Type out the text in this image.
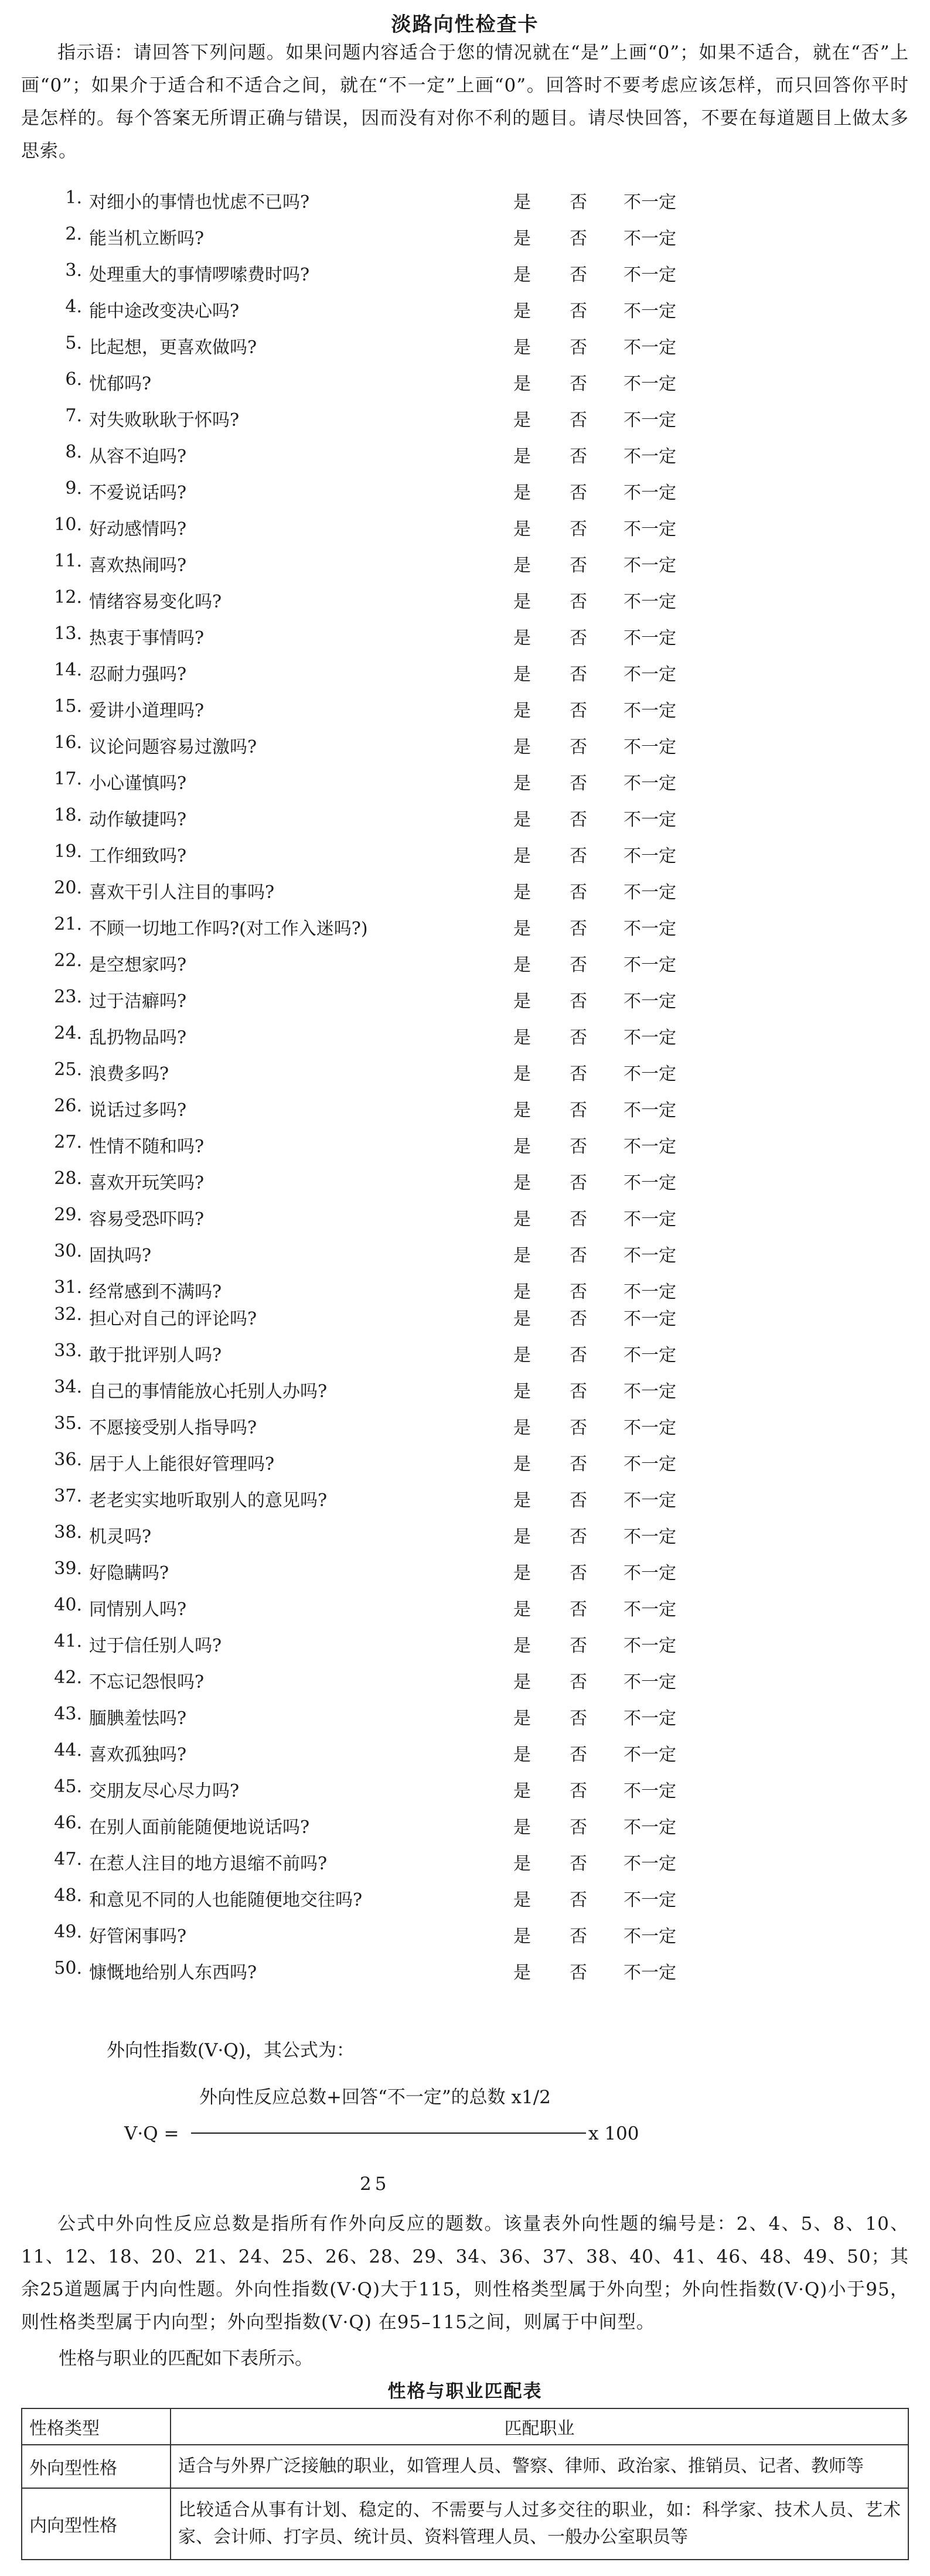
淡路向性检查卡

指示语：请回答下列问题。如果问题内容适合于您的情况就在“是”上画“0”；如果不适合，就在“否”上画“0”；如果介于适合和不适合之间，就在“不一定”上画“0”。回答时不要考虑应该怎样，而只回答你平时是怎样的。每个答案无所谓正确与错误，因而没有对你不利的题目。请尽快回答，不要在每道题目上做太多思索。

1. 对细小的事情也忧虑不已吗?	是 否 不一定
2. 能当机立断吗?	是 否 不一定
3. 处理重大的事情啰嗦费时吗?	是 否 不一定
4. 能中途改变决心吗?	是 否 不一定
5. 比起想，更喜欢做吗?	是 否 不一定
6. 忧郁吗?	是 否 不一定
7. 对失败耿耿于怀吗?	是 否 不一定
8. 从容不迫吗?	是 否 不一定
9. 不爱说话吗?	是 否 不一定
10. 好动感情吗?	是 否 不一定
11. 喜欢热闹吗?	是 否 不一定
12. 情绪容易变化吗?	是 否 不一定
13. 热衷于事情吗?	是 否 不一定
14. 忍耐力强吗?	是 否 不一定
15. 爱讲小道理吗?	是 否 不一定
16. 议论问题容易过激吗?	是 否 不一定
17. 小心谨慎吗?	是 否 不一定
18. 动作敏捷吗?	是 否 不一定
19. 工作细致吗?	是 否 不一定
20. 喜欢干引人注目的事吗?	是 否 不一定
21. 不顾一切地工作吗?(对工作入迷吗?)	是 否 不一定
22. 是空想家吗?	是 否 不一定
23. 过于洁癖吗?	是 否 不一定
24. 乱扔物品吗?	是 否 不一定
25. 浪费多吗?	是 否 不一定
26. 说话过多吗?	是 否 不一定
27. 性情不随和吗?	是 否 不一定
28. 喜欢开玩笑吗?	是 否 不一定
29. 容易受恐吓吗?	是 否 不一定
30. 固执吗?	是 否 不一定
31. 经常感到不满吗?	是 否 不一定
32. 担心对自己的评论吗?	是 否 不一定
33. 敢于批评别人吗?	是 否 不一定
34. 自己的事情能放心托别人办吗?	是 否 不一定
35. 不愿接受别人指导吗?	是 否 不一定
36. 居于人上能很好管理吗?	是 否 不一定
37. 老老实实地听取别人的意见吗?	是 否 不一定
38. 机灵吗?	是 否 不一定
39. 好隐瞒吗?	是 否 不一定
40. 同情别人吗?	是 否 不一定
41. 过于信任别人吗?	是 否 不一定
42. 不忘记怨恨吗?	是 否 不一定
43. 腼腆羞怯吗?	是 否 不一定
44. 喜欢孤独吗?	是 否 不一定
45. 交朋友尽心尽力吗?	是 否 不一定
46. 在别人面前能随便地说话吗?	是 否 不一定
47. 在惹人注目的地方退缩不前吗?	是 否 不一定
48. 和意见不同的人也能随便地交往吗?	是 否 不一定
49. 好管闲事吗?	是 否 不一定
50. 慷慨地给别人东西吗?	是 否 不一定
外向性指数(V·Q)，其公式为：
外向性反应总数+回答“不一定”的总数 x1/2
V·Q =	x 100
25

公式中外向性反应总数是指所有作外向反应的题数。该量表外向性题的编号是：2、4、5、8、10、11、12、18、20、21、24、25、26、28、29、34、36、37、38、40、41、46、48、49、50；其余25道题属于内向性题。外向性指数(V·Q)大于115，则性格类型属于外向型；外向性指数(V·Q)小于95，则性格类型属于内向型；外向型指数(V·Q) 在95–115之间，则属于中间型。

性格与职业的匹配如下表所示。
性格与职业匹配表
性格类型	匹配职业
外向型性格	适合与外界广泛接触的职业，如管理人员、警察、律师、政治家、推销员、记者、教师等
内向型性格	比较适合从事有计划、稳定的、不需要与人过多交往的职业，如：科学家、技术人员、艺术家、会计师、打字员、统计员、资料管理人员、一般办公室职员等
